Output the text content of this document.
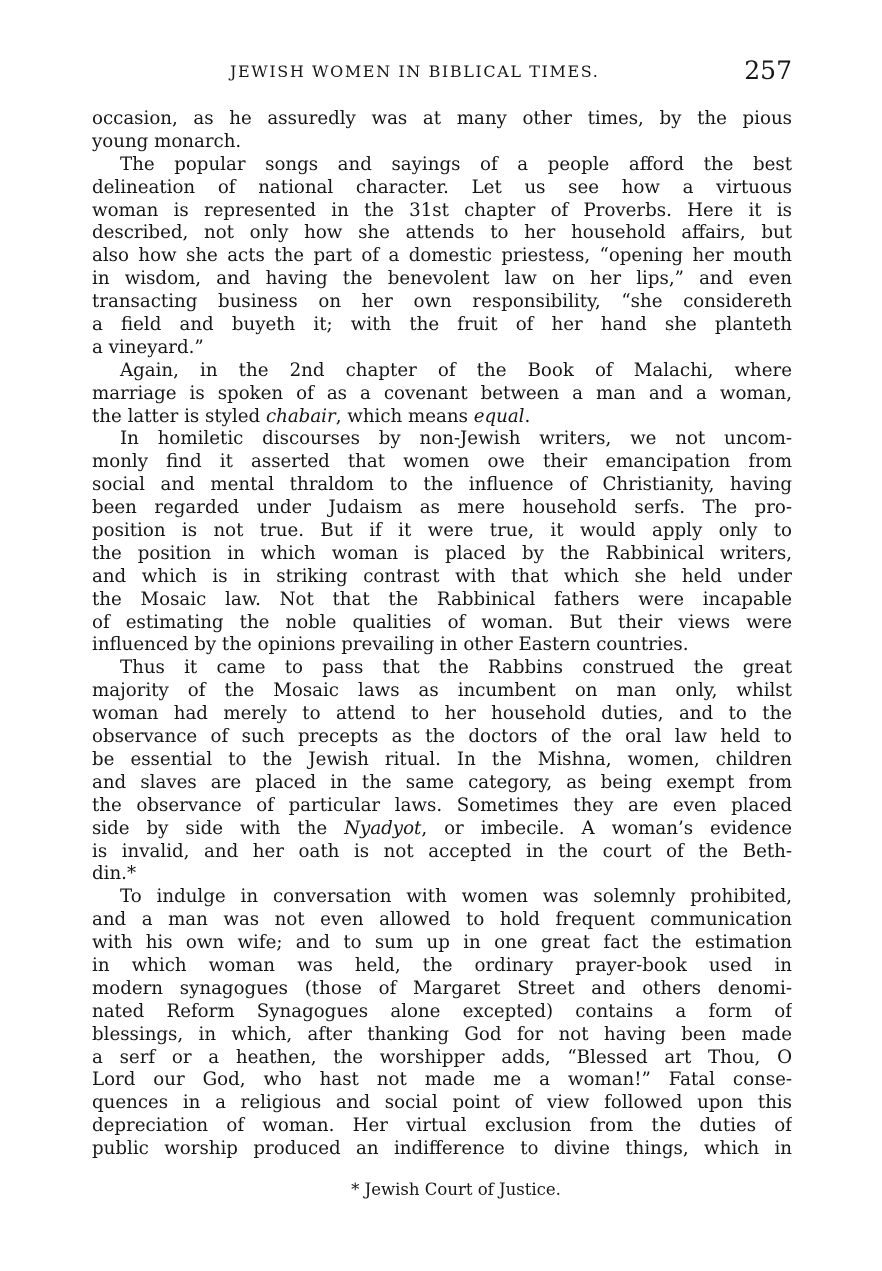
JEWISH WOMEN IN BIBLICAL TIMES.	257
occasion, as he assuredly was at many other times, by the pious
young monarch.
The popular songs and sayings of a people afford the best
delineation of national character. Let us see how a virtuous
woman is represented in the 31st chapter of Proverbs. Here it is
described, not only how she attends to her household affairs, but
also how she acts the part of a domestic priestess, “opening her mouth
in wisdom, and having the benevolent law on her lips,” and even
transacting business on her own responsibility, “she considereth
a field and buyeth it; with the fruit of her hand she planteth
a vineyard.”
Again, in the 2nd chapter of the Book of Malachi, where
marriage is spoken of as a covenant between a man and a woman,
the latter is styled chabair, which means equal.
In homiletic discourses by non-Jewish writers, we not uncom-
monly find it asserted that women owe their emancipation from
social and mental thraldom to the influence of Christianity, having
been regarded under Judaism as mere household serfs. The pro-
position is not true. But if it were true, it would apply only to
the position in which woman is placed by the Rabbinical writers,
and which is in striking contrast with that which she held under
the Mosaic law. Not that the Rabbinical fathers were incapable
of estimating the noble qualities of woman. But their views were
influenced by the opinions prevailing in other Eastern countries.
Thus it came to pass that the Rabbins construed the great
majority of the Mosaic laws as incumbent on man only, whilst
woman had merely to attend to her household duties, and to the
observance of such precepts as the doctors of the oral law held to
be essential to the Jewish ritual. In the Mishna, women, children
and slaves are placed in the same category, as being exempt from
the observance of particular laws. Sometimes they are even placed
side by side with the Nyadyot, or imbecile. A woman’s evidence
is invalid, and her oath is not accepted in the court of the Beth-
din.*
To indulge in conversation with women was solemnly prohibited,
and a man was not even allowed to hold frequent communication
with his own wife; and to sum up in one great fact the estimation
in which woman was held, the ordinary prayer-book used in
modern synagogues (those of Margaret Street and others denomi-
nated Reform Synagogues alone excepted) contains a form of
blessings, in which, after thanking God for not having been made
a serf or a heathen, the worshipper adds, “Blessed art Thou, O
Lord our God, who hast not made me a woman!” Fatal conse-
quences in a religious and social point of view followed upon this
depreciation of woman. Her virtual exclusion from the duties of
public worship produced an indifference to divine things, which in
* Jewish Court of Justice.
